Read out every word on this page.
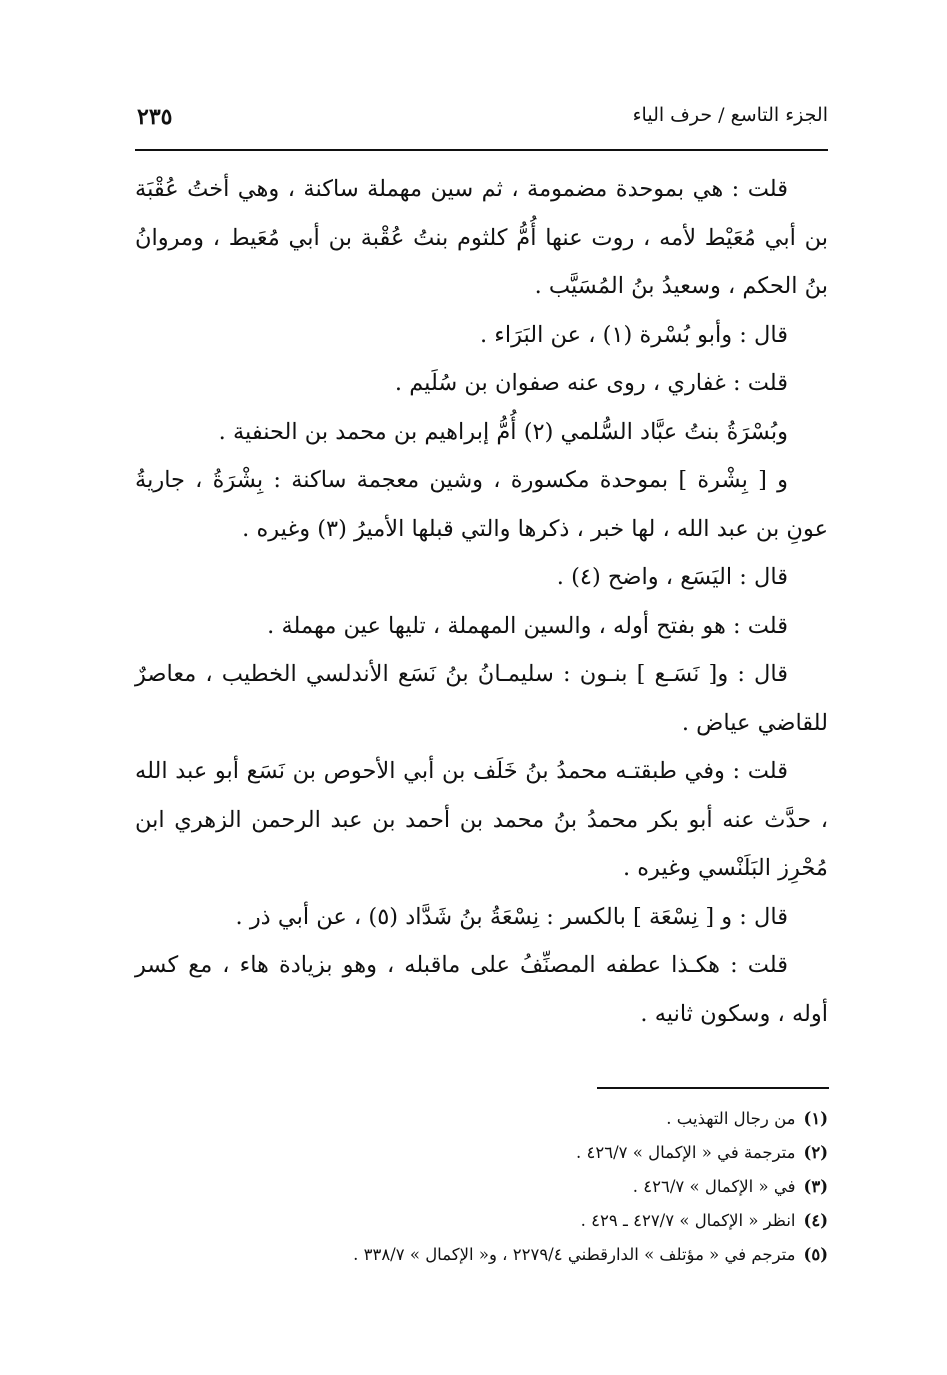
٢٣٥	الجزء التاسع / حرف الياء

قلت : هي بموحدة مضمومة ، ثم سين مهملة ساكنة ، وهي أختُ عُقْبَة بن أبي مُعَيْط لأمه ، روت عنها أُمُّ كلثوم بنتُ عُقْبة بن أبي مُعَيط ، ومروانُ بنُ الحكم ، وسعيدُ بنُ المُسَيَّب .

قال : وأبو بُسْرة (١) ، عن البَرَاء .

قلت : غفاري ، روى عنه صفوان بن سُلَيم .

وبُسْرَةُ بنتُ عبَّاد السُّلمي (٢) أُمُّ إبراهيم بن محمد بن الحنفية .

و [ بِشْرة ] بموحدة مكسورة ، وشين معجمة ساكنة : بِشْرَةُ ، جاريةُ عونِ بن عبد الله ، لها خبر ، ذكرها والتي قبلها الأميرُ (٣) وغيره .

قال : اليَسَع ، واضح (٤) .

قلت : هو بفتح أوله ، والسين المهملة ، تليها عين مهملة .

قال : و[ نَسَـع ] بنـون : سليمـانُ بنُ نَسَع الأندلسي الخطيب ، معاصرٌ للقاضي عياض .

قلت : وفي طبقتـه محمدُ بنُ خَلَف بن أبي الأحوص بن نَسَع أبو عبد الله ، حدَّث عنه أبو بكر محمدُ بنُ محمد بن أحمد بن عبد الرحمن الزهري ابن مُحْرِز البَلَنْسي وغيره .

قال : و [ نِسْعَة ] بالكسر : نِسْعَةُ بنُ شَدَّاد (٥) ، عن أبي ذر .

قلت : هكـذا عطفه المصنِّفُ على ماقبله ، وهو بزيادة هاء ، مع كسر أوله ، وسكون ثانيه .

(١)من رجال التهذيب .

(٢)مترجمة في « الإكمال » ٤٢٦/٧ .

(٣)في « الإكمال » ٤٢٦/٧ .

(٤)انظر « الإكمال » ٤٢٧/٧ ـ ٤٢٩ .

(٥)مترجم في « مؤتلف » الدارقطني ٢٢٧٩/٤ ، و« الإكمال » ٣٣٨/٧ .
